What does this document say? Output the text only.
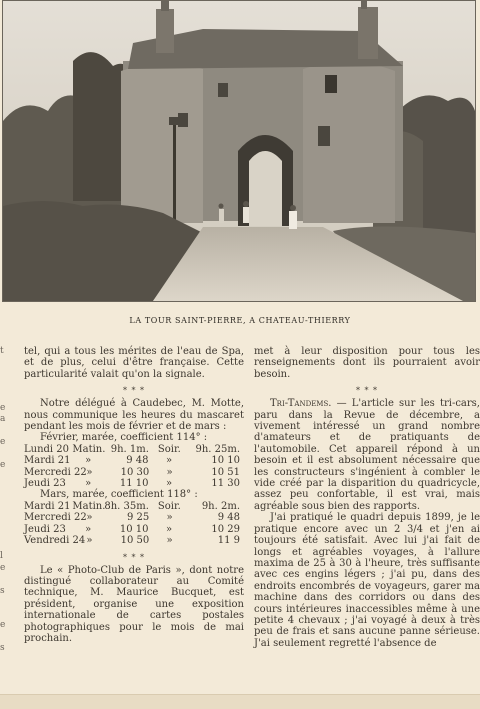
LA TOUR SAINT-PIERRE, A CHATEAU-THIERRY
t

e
a

e

e

l
e

s

e

s

tel, qui a tous les mérites de l'eau de Spa, et de plus, celui d'être française. Cette particularité valait qu'on la signale.

* * *

Notre délégué à Caudebec, M. Motte, nous communique les heures du mascaret pendant les mois de février et de mars :

Février, marée, coefficient 114° :
Lundi 20 Matin. 9h. 1m. Soir.	9h. 25m.
Mardi 21	»	9 48	»	10 10
Mercredi 22 »	10 30	»	10 51
Jeudi 23	»	11 10	»	11 30
Mars, marée, coefficient 118° :
Mardi 21 Matin.
8h. 35m. Soir.	9h. 2m.
Mercredi 22 »	9 25	»	9 48
Jeudi 23	»	10 10	»	10 29
Vendredi 24 »	10 50	»	11 9
* * *

Le « Photo-Club de Paris », dont notre distingué collaborateur au Comité technique, M. Maurice Bucquet, est président, organise une exposition internationale de cartes postales photographiques pour le mois de mai prochain.

met à leur disposition pour tous les renseignements dont ils pourraient avoir besoin.

* * *

Tri-Tandems. — L'article sur les tri-cars, paru dans la Revue de décembre, a vivement intéressé un grand nombre d'amateurs et de pratiquants de l'automobile. Cet appareil répond à un besoin et il est absolument nécessaire que les constructeurs s'ingénient à combler le vide créé par la disparition du quadricycle, assez peu confortable, il est vrai, mais agréable sous bien des rapports.

J'ai pratiqué le quadri depuis 1899, je le pratique encore avec un 2 3/4 et j'en ai toujours été satisfait. Avec lui j'ai fait de longs et agréables voyages, à l'allure maxima de 25 à 30 à l'heure, très suffisante avec ces engins légers ; j'ai pu, dans des endroits encombrés de voyageurs, garer ma machine dans des corridors ou dans des cours intérieures inaccessibles même à une petite 4 chevaux ; j'ai voyagé à deux à très peu de frais et sans aucune panne sérieuse. J'ai seulement regretté l'absence de
